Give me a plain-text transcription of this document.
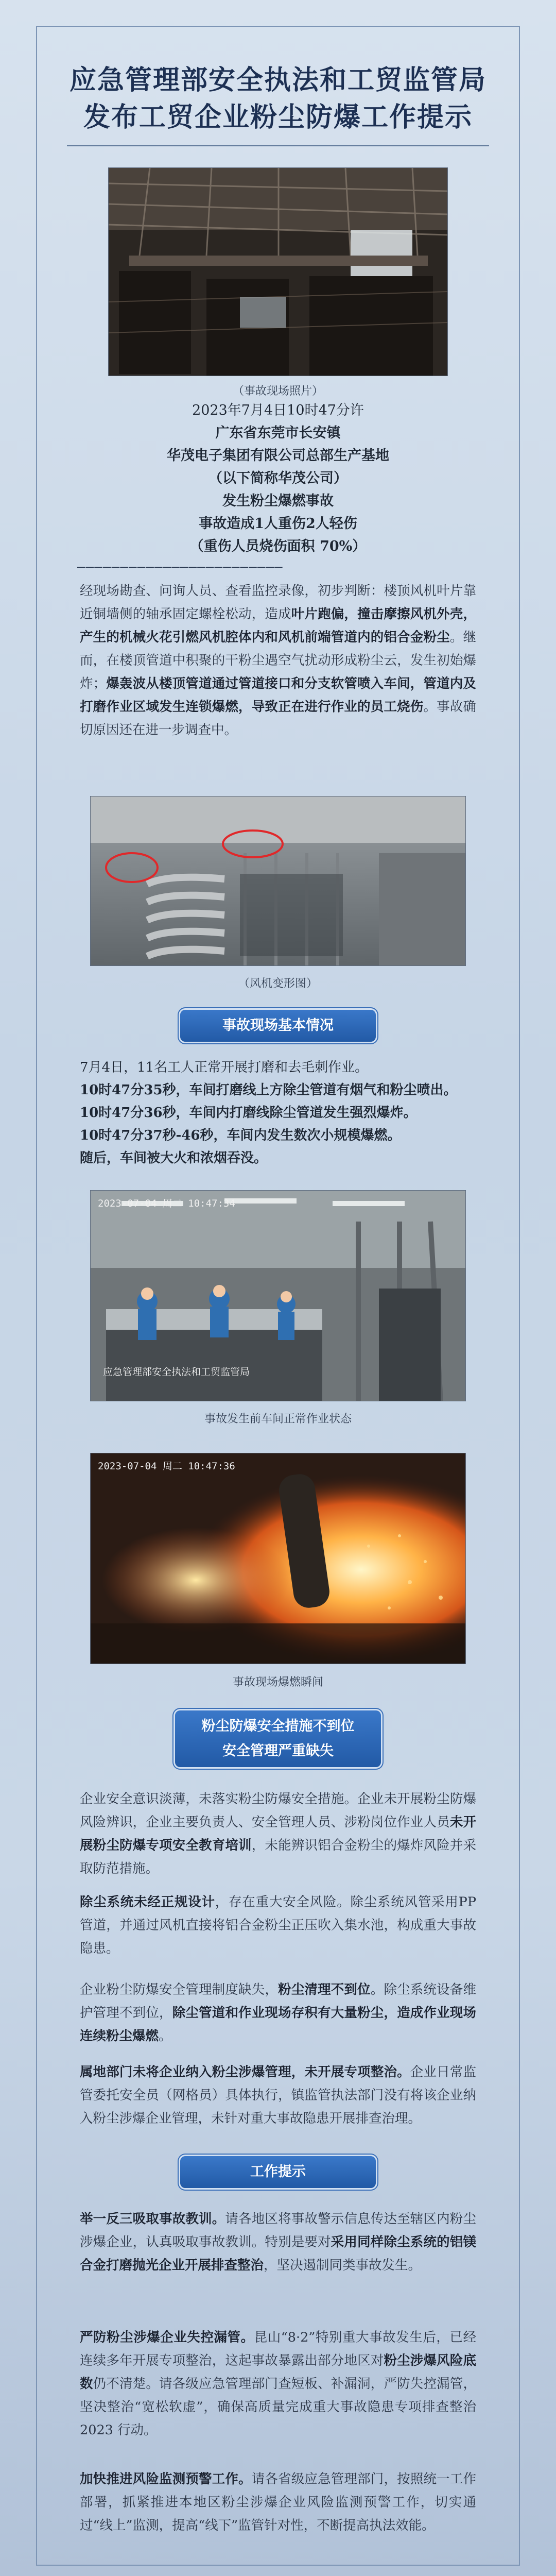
应急管理部安全执法和工贸监管局
发布工贸企业粉尘防爆工作提示
（事故现场照片）
2023年7月4日10时47分许
广东省东莞市长安镇
华茂电子集团有限公司总部生产基地
（以下简称华茂公司）
发生粉尘爆燃事故
事故造成1人重伤2人轻伤
（重伤人员烧伤面积 70%）
————————————————————————
经现场勘查、问询人员、查看监控录像，初步判断：楼顶风机叶片靠近铜墙侧的轴承固定螺栓松动，造成叶片跑偏，撞击摩擦风机外壳，产生的机械火花引燃风机腔体内和风机前端管道内的铝合金粉尘。继而，在楼顶管道中积聚的干粉尘遇空气扰动形成粉尘云，发生初始爆炸；爆轰波从楼顶管道通过管道接口和分支软管喷入车间，管道内及打磨作业区域发生连锁爆燃，导致正在进行作业的员工烧伤。事故确切原因还在进一步调查中。
（风机变形图）
事故现场基本情况
7月4日，11名工人正常开展打磨和去毛刺作业。
10时47分35秒，车间打磨线上方除尘管道有烟气和粉尘喷出。
10时47分36秒，车间内打磨线除尘管道发生强烈爆炸。
10时47分37秒-46秒，车间内发生数次小规模爆燃。
随后，车间被大火和浓烟吞没。
2023-07-04 周二 10:47:34
应急管理部安全执法和工贸监管局
事故发生前车间正常作业状态
2023-07-04 周二 10:47:36
事故现场爆燃瞬间
粉尘防爆安全措施不到位
安全管理严重缺失
企业安全意识淡薄，未落实粉尘防爆安全措施。企业未开展粉尘防爆风险辨识，企业主要负责人、安全管理人员、涉粉岗位作业人员未开展粉尘防爆专项安全教育培训，未能辨识铝合金粉尘的爆炸风险并采取防范措施。
除尘系统未经正规设计，存在重大安全风险。除尘系统风管采用PP管道，并通过风机直接将铝合金粉尘正压吹入集水池，构成重大事故隐患。
企业粉尘防爆安全管理制度缺失，粉尘清理不到位。除尘系统设备维护管理不到位，除尘管道和作业现场存积有大量粉尘，造成作业现场连续粉尘爆燃。
属地部门未将企业纳入粉尘涉爆管理，未开展专项整治。企业日常监管委托安全员（网格员）具体执行，镇监管执法部门没有将该企业纳入粉尘涉爆企业管理，未针对重大事故隐患开展排查治理。
工作提示
举一反三吸取事故教训。请各地区将事故警示信息传达至辖区内粉尘涉爆企业，认真吸取事故教训。特别是要对采用同样除尘系统的铝镁合金打磨抛光企业开展排查整治，坚决遏制同类事故发生。
严防粉尘涉爆企业失控漏管。昆山“8·2”特别重大事故发生后，已经连续多年开展专项整治，这起事故暴露出部分地区对粉尘涉爆风险底数仍不清楚。请各级应急管理部门查短板、补漏洞，严防失控漏管，坚决整治“宽松软虚”，确保高质量完成重大事故隐患专项排查整治 2023 行动。
加快推进风险监测预警工作。请各省级应急管理部门，按照统一工作部署，抓紧推进本地区粉尘涉爆企业风险监测预警工作，切实通过“线上”监测，提高“线下”监管针对性，不断提高执法效能。
